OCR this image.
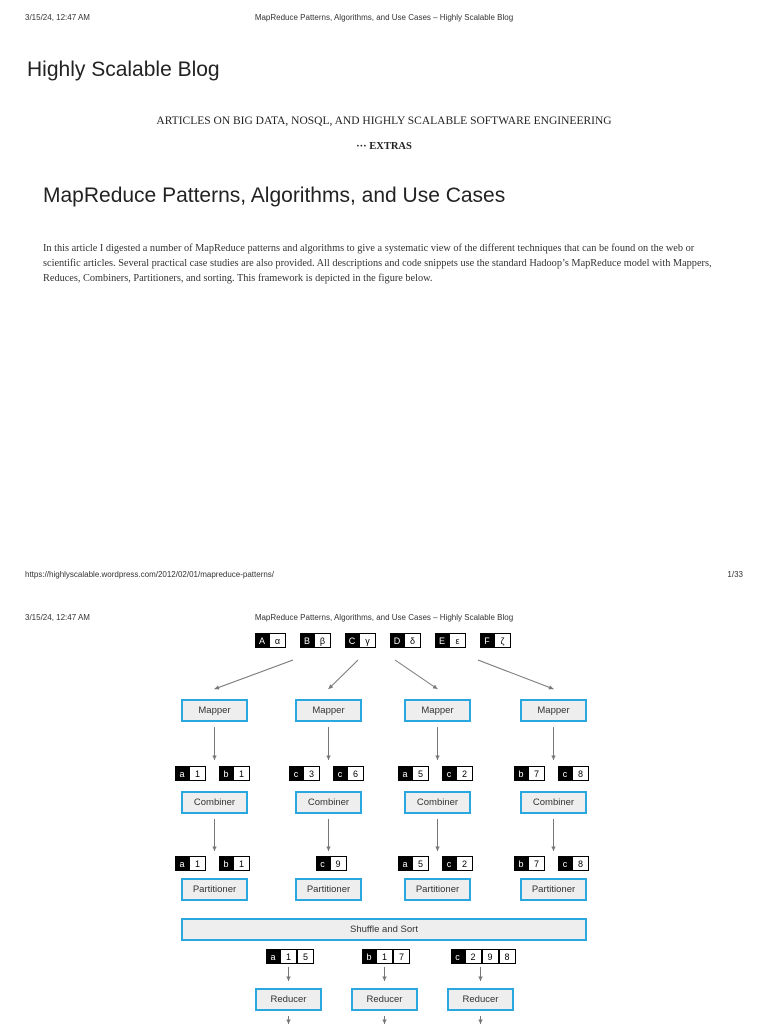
3/15/24, 12:47 AM	MapReduce Patterns, Algorithms, and Use Cases – Highly Scalable Blog
Highly Scalable Blog
ARTICLES ON BIG DATA, NOSQL, AND HIGHLY SCALABLE SOFTWARE ENGINEERING
··· EXTRAS
MapReduce Patterns, Algorithms, and Use Cases

In this article I digested a number of MapReduce patterns and algorithms to give a systematic view of the different techniques that can be found on the web or scientific articles. Several practical case studies are also provided. All descriptions and code snippets use the standard Hadoop’s MapReduce model with Mappers, Reduces, Combiners, Partitioners, and sorting. This framework is depicted in the figure below.

https://highlyscalable.wordpress.com/2012/02/01/mapreduce-patterns/	1/33
3/15/24, 12:47 AM	MapReduce Patterns, Algorithms, and Use Cases – Highly Scalable Blog
A	α	B	β	C	γ	D	δ	E	ε	F	ζ
Mapper
a	1	b	1
Combiner
a	1	b	1
Partitioner
Mapper
c	3	c	6
Combiner
c	9
Partitioner
Mapper
a	5	c	2
Combiner
a	5	c	2
Partitioner
Mapper
b	7	c	8
Combiner
b	7	c	8
Partitioner
Shuffle and Sort
a	1	5
Reducer
b	1	7
Reducer
c	2	9	8
Reducer
